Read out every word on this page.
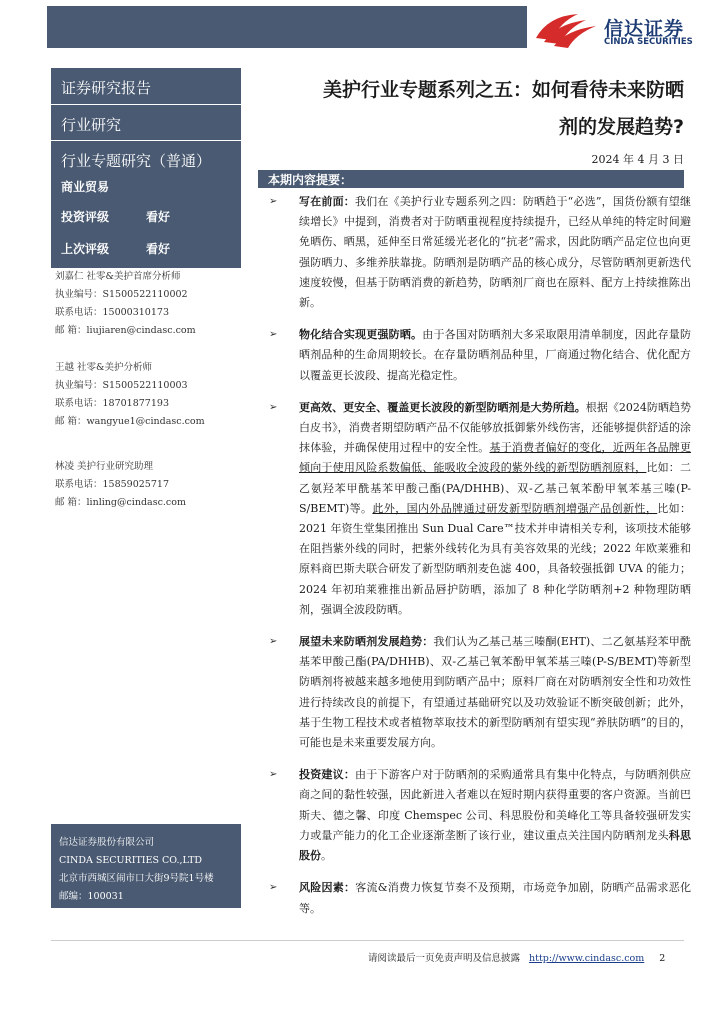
信达证券
CINDA SECURITIES
证券研究报告
行业研究
行业专题研究（普通）
商业贸易
投资评级	看好
上次评级	看好
刘嘉仁 社零&美护首席分析师
执业编号：S1500522110002
联系电话：15000310173
邮 箱：liujiaren@cindasc.com
王越 社零&美护分析师
执业编号：S1500522110003
联系电话：18701877193
邮 箱：wangyue1@cindasc.com
林凌 美护行业研究助理
联系电话：15859025717
邮 箱：linling@cindasc.com
信达证券股份有限公司
CINDA SECURITIES CO.,LTD
北京市西城区闹市口大街9号院1号楼
邮编：100031
美护行业专题系列之五：如何看待未来防晒
剂的发展趋势?
2024 年 4 月 3 日
本期内容提要：
➢ 写在前面：我们在《美护行业专题系列之四：防晒趋于“必选”，国货份额有望继续增长》中提到，消费者对于防晒重视程度持续提升，已经从单纯的特定时间避免晒伤、晒黑，延伸至日常延缓光老化的“抗老”需求，因此防晒产品定位也向更强防晒力、多维养肤靠拢。防晒剂是防晒产品的核心成分，尽管防晒剂更新迭代速度较慢，但基于防晒消费的新趋势，防晒剂厂商也在原料、配方上持续推陈出新。
➢ 物化结合实现更强防晒。由于各国对防晒剂大多采取限用清单制度，因此存量防晒剂品种的生命周期较长。在存量防晒剂品种里，厂商通过物化结合、优化配方以覆盖更长波段、提高光稳定性。
➢ 更高效、更安全、覆盖更长波段的新型防晒剂是大势所趋。根据《2024防晒趋势白皮书》，消费者期望防晒产品不仅能够放抵御紫外线伤害，还能够提供舒适的涂抹体验，并确保使用过程中的安全性。基于消费者偏好的变化，近两年各品牌更倾向于使用风险系数偏低、能吸收全波段的紫外线的新型防晒剂原料，比如：二乙氨羟苯甲酰基苯甲酸己酯(PA/DHHB)、双-乙基己氧苯酚甲氧苯基三嗪(P-S/BEMT)等。此外，国内外品牌通过研发新型防晒剂增强产品创新性，比如：2021 年资生堂集团推出 Sun Dual Care™技术并申请相关专利，该项技术能够在阻挡紫外线的同时，把紫外线转化为具有美容效果的光线；2022 年欧莱雅和原料商巴斯夫联合研发了新型防晒剂麦色滤 400，具备较强抵御 UVA 的能力；2024 年初珀莱雅推出新品唇护防晒，添加了 8 种化学防晒剂+2 种物理防晒剂，强调全波段防晒。
➢ 展望未来防晒剂发展趋势：我们认为乙基己基三嗪酮(EHT)、二乙氨基羟苯甲酰基苯甲酸己酯(PA/DHHB)、双-乙基己氧苯酚甲氧苯基三嗪(P-S/BEMT)等新型防晒剂将被越来越多地使用到防晒产品中；原料厂商在对防晒剂安全性和功效性进行持续改良的前提下，有望通过基础研究以及功效验证不断突破创新；此外，基于生物工程技术或者植物萃取技术的新型防晒剂有望实现“养肤防晒”的目的，可能也是未来重要发展方向。
➢ 投资建议：由于下游客户对于防晒剂的采购通常具有集中化特点，与防晒剂供应商之间的黏性较强，因此新进入者难以在短时期内获得重要的客户资源。当前巴斯夫、德之馨、印度 Chemspec 公司、科思股份和美峰化工等具备较强研发实力或量产能力的化工企业逐渐垄断了该行业，建议重点关注国内防晒剂龙头科思股份。
➢ 风险因素：客流&消费力恢复节奏不及预期，市场竞争加剧，防晒产品需求恶化等。
请阅读最后一页免责声明及信息披露 http://www.cindasc.com 2
